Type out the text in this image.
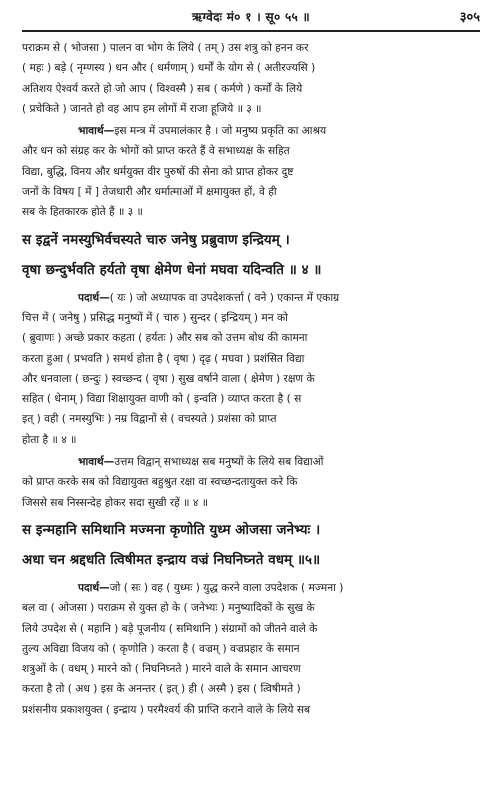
ऋग्वेदः मं० १ । सू० ५५ ॥	३०५
पराक्रम से ( भोजसा ) पालन वा भोग के लिये ( तम् ) उस शत्रु को हनन कर
( महः ) बड़े ( नृम्णस्य ) धन और ( धर्मणाम् ) धर्मों के योग से ( अतीरज्यसि )
अतिशय ऐश्वर्य करते हो जो आप ( विश्वस्मै ) सब ( कर्मणे ) कर्मों के लिये
( प्रचेकिते ) जानते हो वह आप हम लोगों में राजा हूजिये ॥ ३ ॥
भावार्थ—इस मन्त्र में उपमालंकार है । जो मनुष्य प्रकृति का आश्रय
और धन को संग्रह कर के भोगों को प्राप्त करते हैं वे सभाध्यक्ष के सहित
विद्या, बुद्धि, विनय और धर्मयुक्त वीर पुरुषों की सेना को प्राप्त होकर दुष्ट
जनों के विषय [ में ] तेजधारी और धर्मात्माओं में क्षमायुक्त हों, वे ही
सब के हितकारक होते हैं ॥ ३ ॥
स इद्वनें नमस्युभिर्वचस्यते चारु जनेषु प्रब्रुवाण इन्द्रियम् ।
वृषा छन्दुर्भवति हर्यतो वृषा क्षेमेण धेनां मघवा यदिन्वति ॥ ४ ॥
पदार्थ—( यः ) जो अध्यापक वा उपदेशकर्त्ता ( वने ) एकान्त में एकाग्र
चित्त में ( जनेषु ) प्रसिद्ध मनुष्यों में ( चारु ) सुन्दर ( इन्द्रियम् ) मन को
( ब्रुवाणः ) अच्छे प्रकार कहता ( हर्यतः ) और सब को उत्तम बोध की कामना
करता हुआ ( प्रभवति ) समर्थ होता है ( वृषा ) दृढ़ ( मघवा ) प्रशंसित विद्या
और धनवाला ( छन्दुः ) स्वच्छन्द ( वृषा ) सुख वर्षाने वाला ( क्षेमेण ) रक्षण के
सहित ( धेनाम् ) विद्या शिक्षायुक्त वाणी को ( इन्वति ) व्याप्त करता है ( स
इत् ) वही ( नमस्युभिः ) नम्र विद्वानों से ( वचस्यते ) प्रशंसा को प्राप्त
होता है ॥ ४ ॥
भावार्थ—उत्तम विद्वान् सभाध्यक्ष सब मनुष्यों के लिये सब विद्याओं
को प्राप्त करके सब को विद्यायुक्त बहुश्रुत रक्षा वा स्वच्छन्दतायुक्त करे कि
जिससे सब निस्सन्देह होकर सदा सुखी रहें ॥ ४ ॥
स इन्महानि समिथानि मज्मना कृणोति युध्म ओजसा जनेभ्यः ।
अधा चन श्रद्दधति त्विषीमत इन्द्राय वज्रं निघनिघ्नते वधम् ॥५॥
पदार्थ—जो ( सः ) वह ( युध्मः ) युद्ध करने वाला उपदेशक ( मज्मना )
बल वा ( ओजसा ) पराक्रम से युक्त हो के ( जनेभ्यः ) मनुष्यादिकों के सुख के
लिये उपदेश से ( महानि ) बड़े पूजनीय ( समिथानि ) संग्रामों को जीतने वाले के
तुल्य अविद्या विजय को ( कृणोति ) करता है ( वज्रम् ) वज्रप्रहार के समान
शत्रुओं के ( वधम् ) मारने को ( निघनिघ्नते ) मारने वाले के समान आचरण
करता है तो ( अध ) इस के अनन्तर ( इत् ) ही ( अस्मै ) इस ( त्विषीमते )
प्रशंसनीय प्रकाशयुक्त ( इन्द्राय ) परमैश्वर्य की प्राप्ति कराने वाले के लिये सब
